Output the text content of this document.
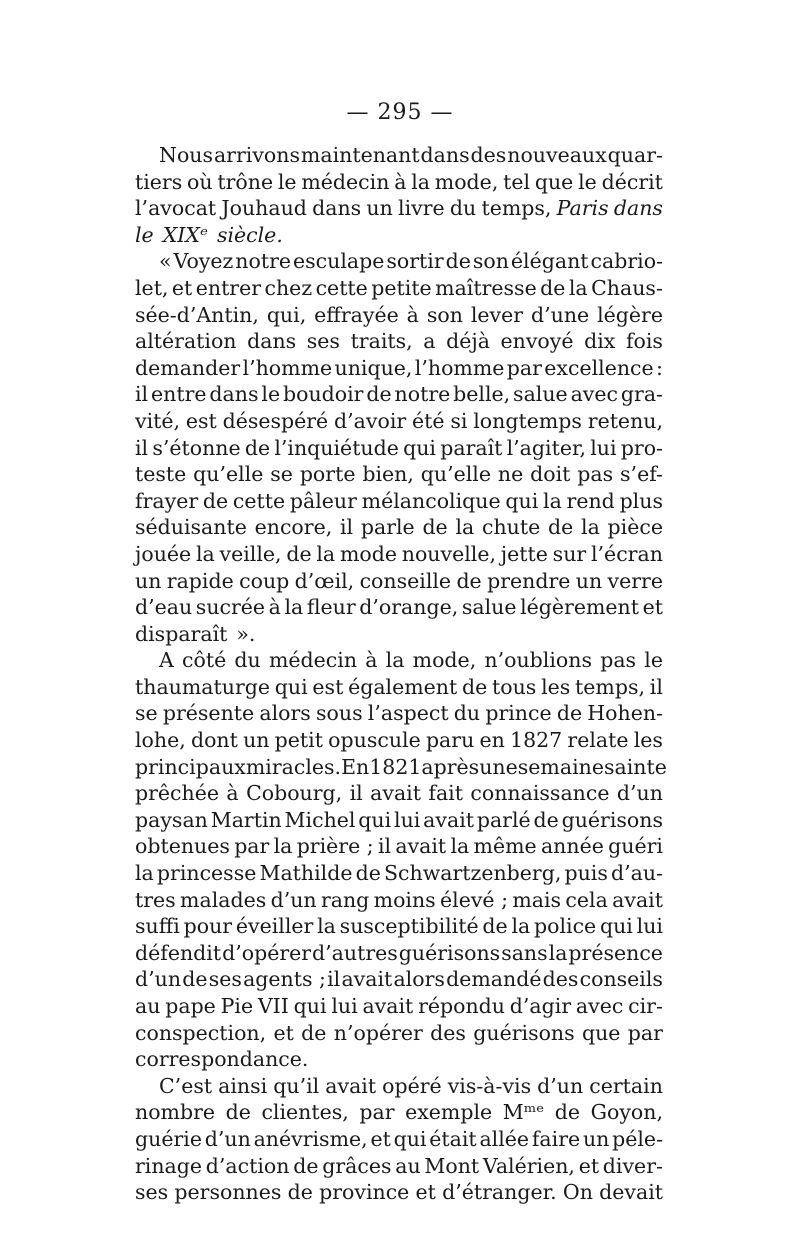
— 295 —
Nous arrivons maintenant dans des nouveaux quar-
tiers où trône le médecin à la mode, tel que le décrit
l’avocat Jouhaud dans un livre du temps, Paris dans
le XIXᵉ siècle.
« Voyez notre esculape sortir de son élégant cabrio-
let, et entrer chez cette petite maîtresse de la Chaus-
sée-d’Antin, qui, effrayée à son lever d’une légère
altération dans ses traits, a déjà envoyé dix fois
demander l’homme unique, l’homme par excellence :
il entre dans le boudoir de notre belle, salue avec gra-
vité, est désespéré d’avoir été si longtemps retenu,
il s’étonne de l’inquiétude qui paraît l’agiter, lui pro-
teste qu’elle se porte bien, qu’elle ne doit pas s’ef-
frayer de cette pâleur mélancolique qui la rend plus
séduisante encore, il parle de la chute de la pièce
jouée la veille, de la mode nouvelle, jette sur l’écran
un rapide coup d’œil, conseille de prendre un verre
d’eau sucrée à la fleur d’orange, salue légèrement et
disparaît ».
A côté du médecin à la mode, n’oublions pas le
thaumaturge qui est également de tous les temps, il
se présente alors sous l’aspect du prince de Hohen-
lohe, dont un petit opuscule paru en 1827 relate les
principaux miracles. En 1821 après une semaine sainte
prêchée à Cobourg, il avait fait connaissance d’un
paysan Martin Michel qui lui avait parlé de guérisons
obtenues par la prière ; il avait la même année guéri
la princesse Mathilde de Schwartzenberg, puis d’au-
tres malades d’un rang moins élevé ; mais cela avait
suffi pour éveiller la susceptibilité de la police qui lui
défendit d’opérer d’autres guérisons sans la présence
d’un de ses agents ; il avait alors demandé des conseils
au pape Pie VII qui lui avait répondu d’agir avec cir-
conspection, et de n’opérer des guérisons que par
correspondance.
C’est ainsi qu’il avait opéré vis-à-vis d’un certain
nombre de clientes, par exemple Mᵐᵉ de Goyon,
guérie d’un anévrisme, et qui était allée faire un péle-
rinage d’action de grâces au Mont Valérien, et diver-
ses personnes de province et d’étranger. On devait
